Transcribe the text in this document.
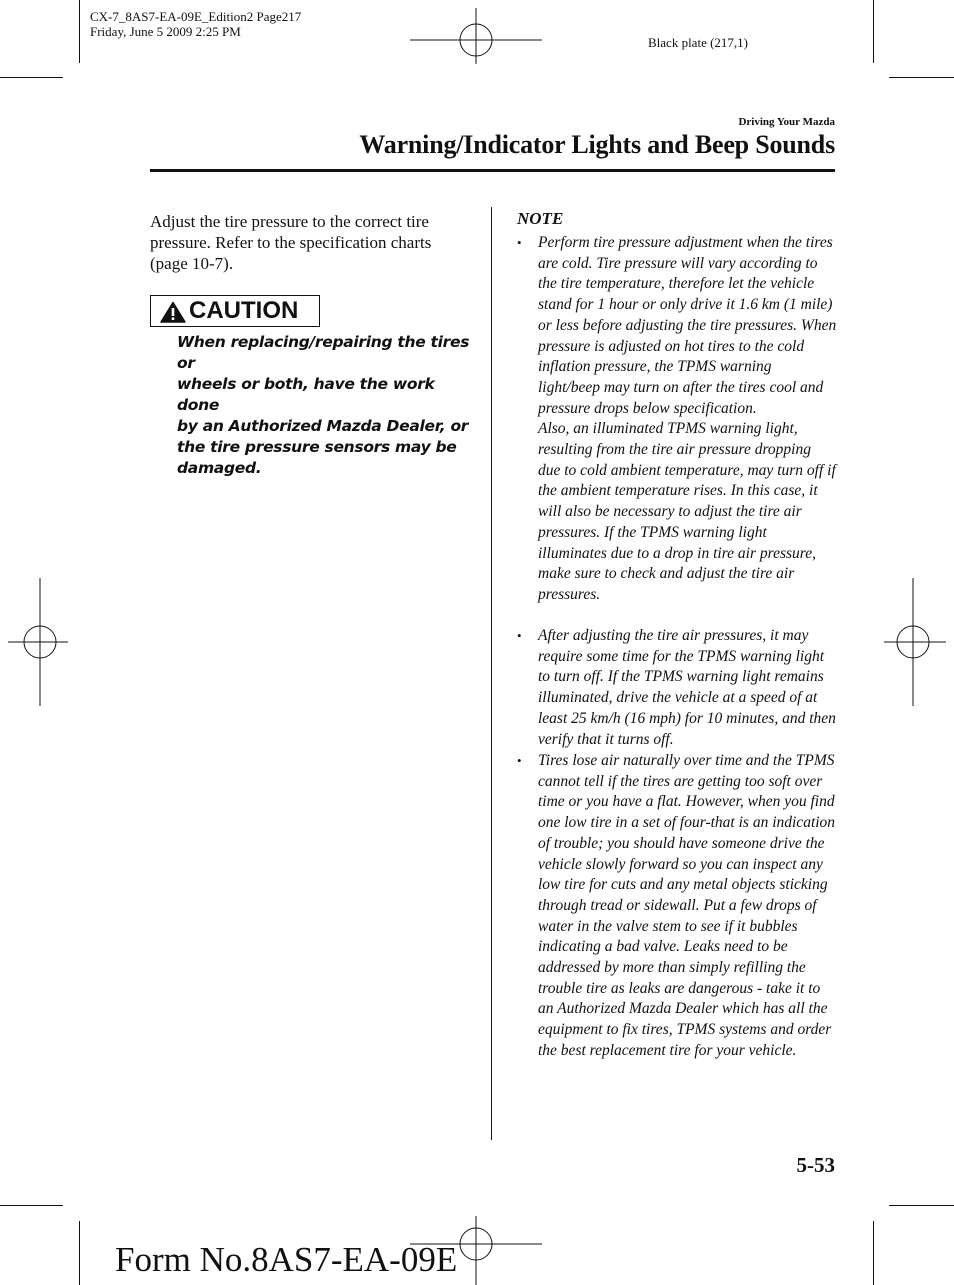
CX-7_8AS7-EA-09E_Edition2 Page217
Friday, June 5 2009 2:25 PM
Black plate (217,1)
Driving Your Mazda
Warning/Indicator Lights and Beep Sounds
Adjust the tire pressure to the correct tire
pressure. Refer to the specification charts
(page 10-7).
CAUTION
When replacing/repairing the tires or
wheels or both, have the work done
by an Authorized Mazda Dealer, or
the tire pressure sensors may be
damaged.
NOTE
• Perform tire pressure adjustment when the tires are cold. Tire pressure will vary according to the tire temperature, therefore let the vehicle stand for 1 hour or only drive it 1.6 km (1 mile) or less before adjusting the tire pressures. When pressure is adjusted on hot tires to the cold inflation pressure, the TPMS warning light/beep may turn on after the tires cool and pressure drops below specification.

Also, an illuminated TPMS warning light, resulting from the tire air pressure dropping due to cold ambient temperature, may turn off if the ambient temperature rises. In this case, it will also be necessary to adjust the tire air pressures. If the TPMS warning light illuminates due to a drop in tire air pressure, make sure to check and adjust the tire air pressures.

• After adjusting the tire air pressures, it may require some time for the TPMS warning light to turn off. If the TPMS warning light remains illuminated, drive the vehicle at a speed of at least 25 km/h (16 mph) for 10 minutes, and then verify that it turns off.

• Tires lose air naturally over time and the TPMS cannot tell if the tires are getting too soft over time or you have a flat. However, when you find one low tire in a set of four-that is an indication of trouble; you should have someone drive the vehicle slowly forward so you can inspect any low tire for cuts and any metal objects sticking through tread or sidewall. Put a few drops of water in the valve stem to see if it bubbles indicating a bad valve. Leaks need to be addressed by more than simply refilling the trouble tire as leaks are dangerous - take it to an Authorized Mazda Dealer which has all the equipment to fix tires, TPMS systems and order the best replacement tire for your vehicle.

5-53
Form No.8AS7-EA-09E
